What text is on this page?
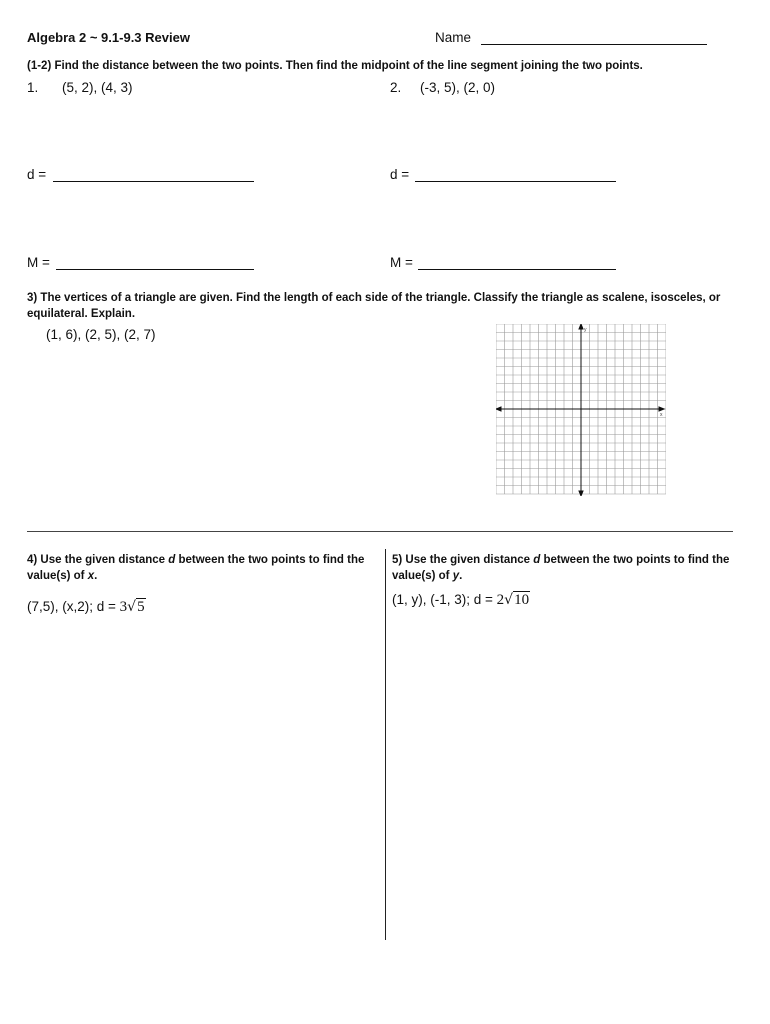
Algebra 2 ~ 9.1-9.3 Review	Name
(1-2) Find the distance between the two points. Then find the midpoint of the line segment joining the two points.
1. (5, 2), (4, 3)	2. (-3, 5), (2, 0)
d =	d =
M =	M =
3) The vertices of a triangle are given. Find the length of each side of the triangle. Classify the triangle as scalene, isosceles, or equilateral. Explain.
(1, 6), (2, 5), (2, 7)	y
x
4) Use the given distance d between the two points to find the value(s) of x.
(7,5), (x,2); d = 3√5
5) Use the given distance d between the two points to find the value(s) of y.
(1, y), (-1, 3); d = 2√10
